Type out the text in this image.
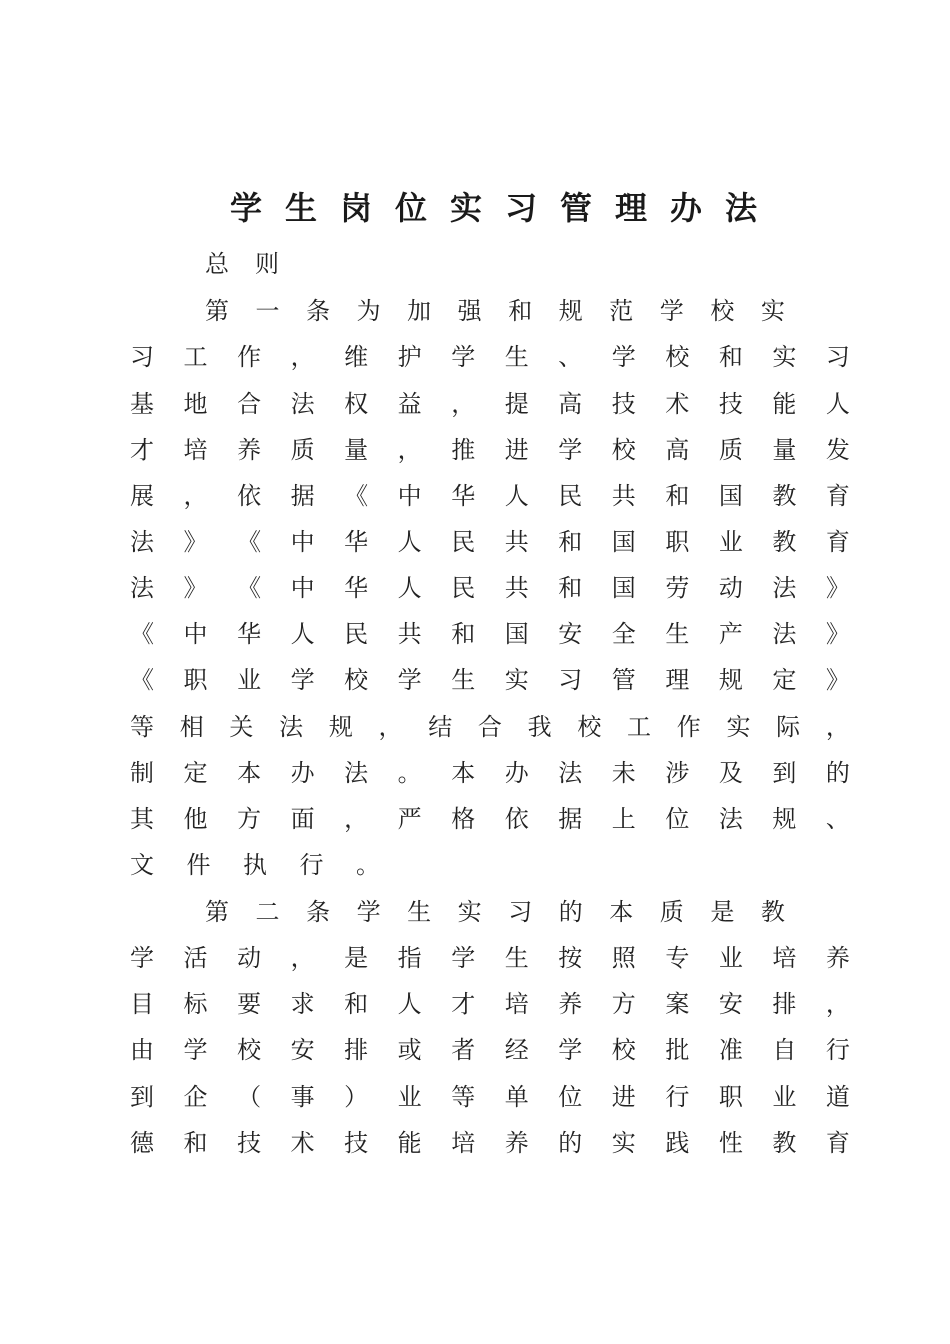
学生岗位实习管理办法
总则
第 一 条 为 加 强 和 规 范 学 校 实
习 工 作 ， 维 护 学 生 、 学 校 和 实 习
基 地 合 法 权 益 ， 提 高 技 术 技 能 人
才 培 养 质 量 ， 推 进 学 校 高 质 量 发
展 ， 依 据 《 中 华 人 民 共 和 国 教 育
法 》 《 中 华 人 民 共 和 国 职 业 教 育
法 》 《 中 华 人 民 共 和 国 劳 动 法 》
《 中 华 人 民 共 和 国 安 全 生 产 法 》
《 职 业 学 校 学 生 实 习 管 理 规 定 》
等 相 关 法 规 ， 结 合 我 校 工 作 实 际 ，
制 定 本 办 法 。 本 办 法 未 涉 及 到 的
其 他 方 面 ， 严 格 依 据 上 位 法 规 、
文 件 执 行 。
第 二 条 学 生 实 习 的 本 质 是 教
学 活 动 ， 是 指 学 生 按 照 专 业 培 养
目 标 要 求 和 人 才 培 养 方 案 安 排 ，
由 学 校 安 排 或 者 经 学 校 批 准 自 行
到 企 （ 事 ） 业 等 单 位 进 行 职 业 道
德 和 技 术 技 能 培 养 的 实 践 性 教 育
